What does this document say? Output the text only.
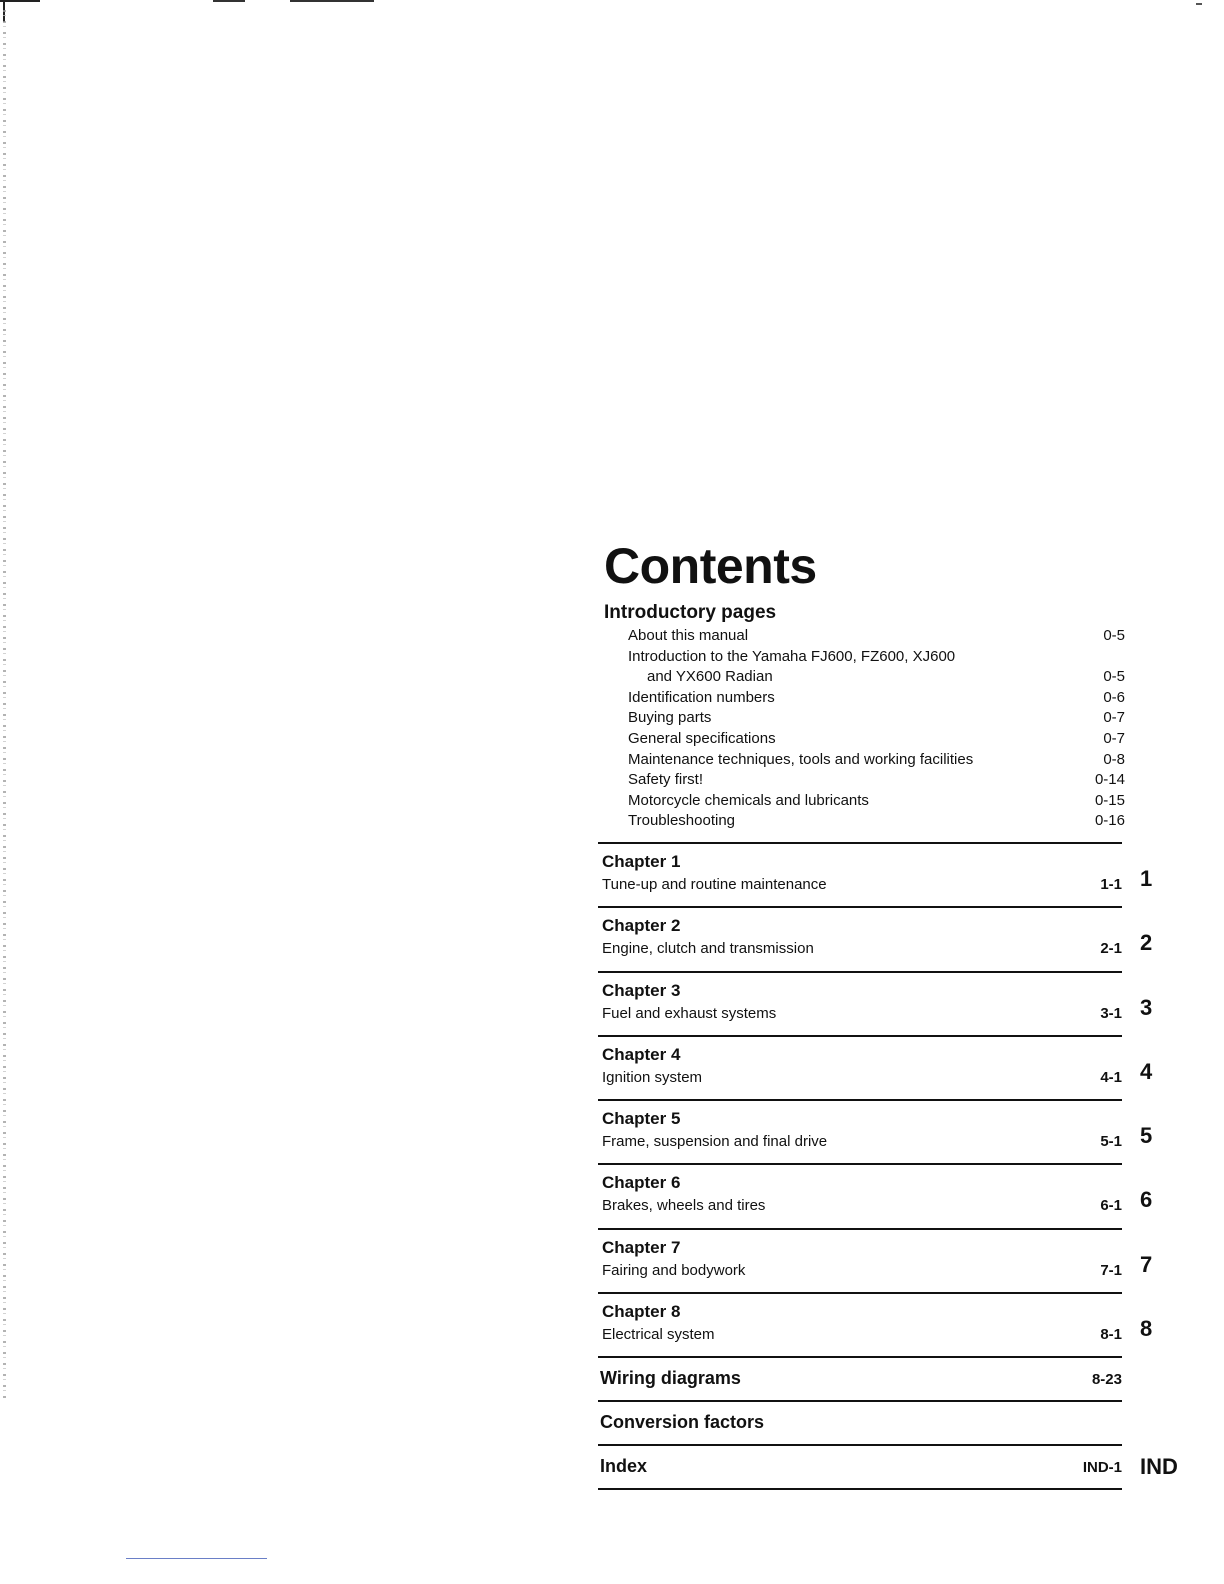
Contents
Introductory pages
About this manual	0-5
Introduction to the Yamaha FJ600, FZ600, XJ600
and YX600 Radian	0-5
Identification numbers	0-6
Buying parts	0-7
General specifications	0-7
Maintenance techniques, tools and working facilities	0-8
Safety first!	0-14
Motorcycle chemicals and lubricants	0-15
Troubleshooting	0-16
Chapter 1
Tune-up and routine maintenance	1-1 1
Chapter 2
Engine, clutch and transmission	2-1 2
Chapter 3
Fuel and exhaust systems	3-1 3
Chapter 4
Ignition system	4-1 4
Chapter 5
Frame, suspension and final drive	5-1 5
Chapter 6
Brakes, wheels and tires	6-1 6
Chapter 7
Fairing and bodywork	7-1 7
Chapter 8
Electrical system	8-1 8
Wiring diagrams	8-23
Conversion factors
Index	IND-1 IND
